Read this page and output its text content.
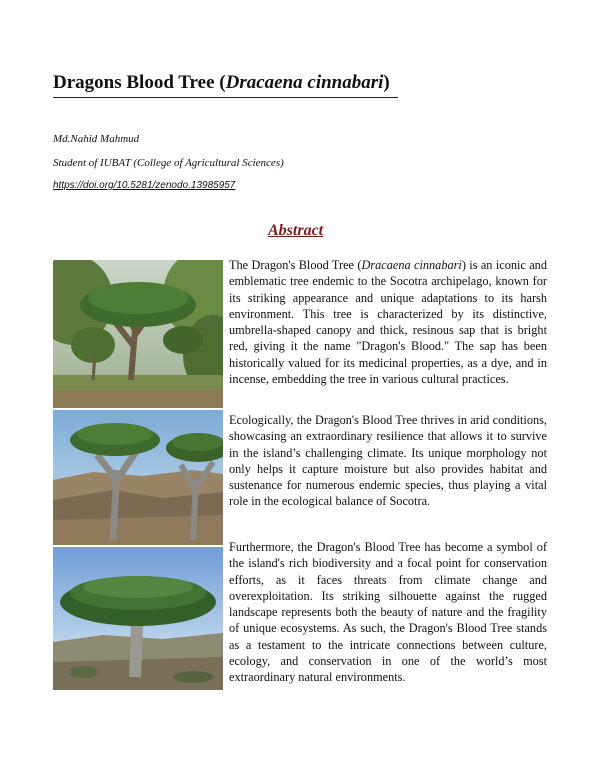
Dragons Blood Tree (Dracaena cinnabari)
Md.Nahid Mahmud
Student of IUBAT (College of Agricultural Sciences)
https://doi.org/10.5281/zenodo.13985957
Abstract

The Dragon's Blood Tree (Dracaena cinnabari) is an iconic and emblematic tree endemic to the Socotra archipelago, known for its striking appearance and unique adaptations to its harsh environment. This tree is characterized by its distinctive, umbrella-shaped canopy and thick, resinous sap that is bright red, giving it the name "Dragon's Blood." The sap has been historically valued for its medicinal properties, as a dye, and in incense, embedding the tree in various cultural practices.

Ecologically, the Dragon's Blood Tree thrives in arid conditions, showcasing an extraordinary resilience that allows it to survive in the island’s challenging climate. Its unique morphology not only helps it capture moisture but also provides habitat and sustenance for numerous endemic species, thus playing a vital role in the ecological balance of Socotra.

Furthermore, the Dragon's Blood Tree has become a symbol of the island's rich biodiversity and a focal point for conservation efforts, as it faces threats from climate change and overexploitation. Its striking silhouette against the rugged landscape represents both the beauty of nature and the fragility of unique ecosystems. As such, the Dragon's Blood Tree stands as a testament to the intricate connections between culture, ecology, and conservation in one of the world’s most extraordinary natural environments.
